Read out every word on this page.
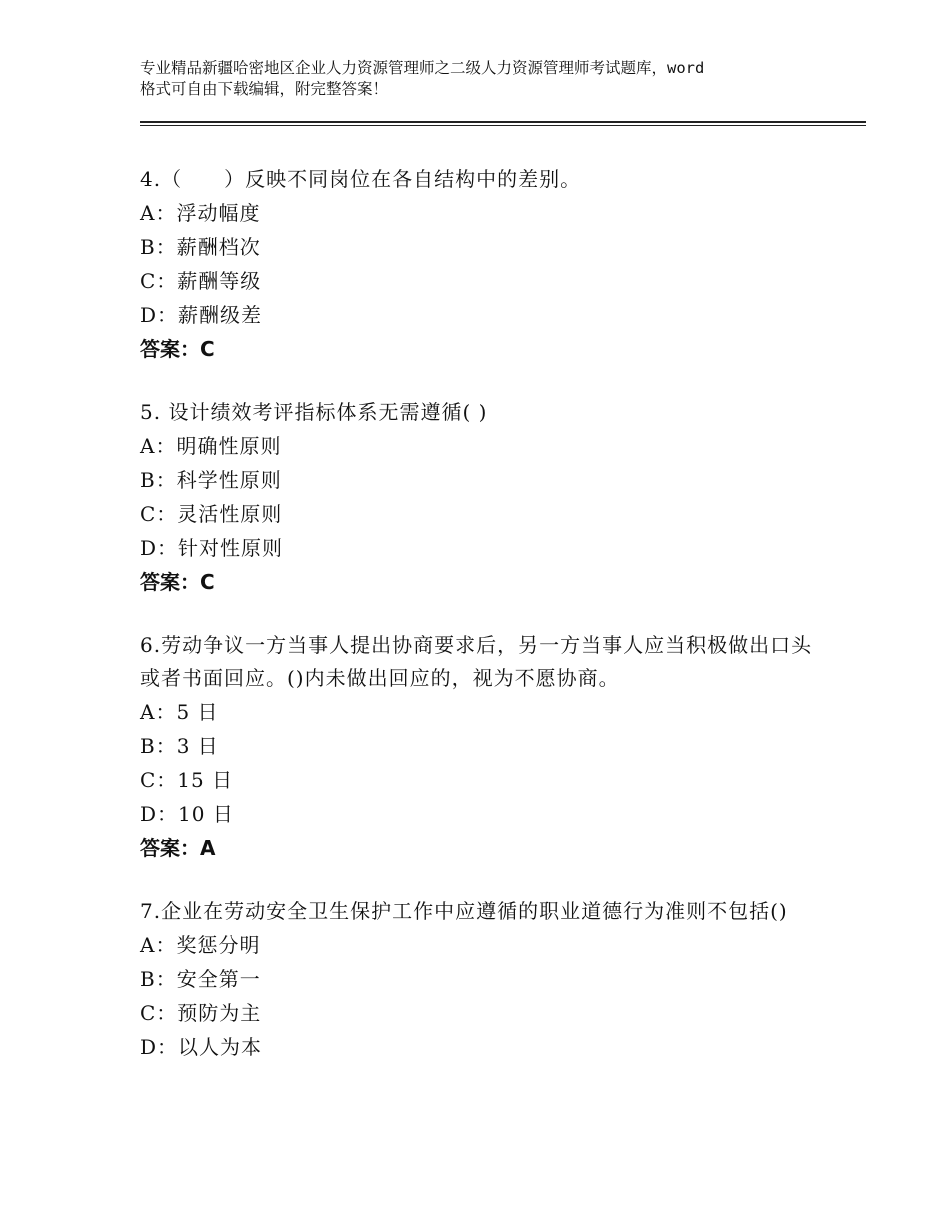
专业精品新疆哈密地区企业人力资源管理师之二级人力资源管理师考试题库，word
格式可自由下载编辑，附完整答案！
4.（　　）反映不同岗位在各自结构中的差别。
A：浮动幅度
B：薪酬档次
C：薪酬等级
D：薪酬级差
答案：C
5. 设计绩效考评指标体系无需遵循( )
A：明确性原则
B：科学性原则
C：灵活性原则
D：针对性原则
答案：C
6.劳动争议一方当事人提出协商要求后，另一方当事人应当积极做出口头或者书面回应。()内未做出回应的，视为不愿协商。
A：5 日
B：3 日
C：15 日
D：10 日
答案：A
7.企业在劳动安全卫生保护工作中应遵循的职业道德行为准则不包括()
A：奖惩分明
B：安全第一
C：预防为主
D：以人为本
